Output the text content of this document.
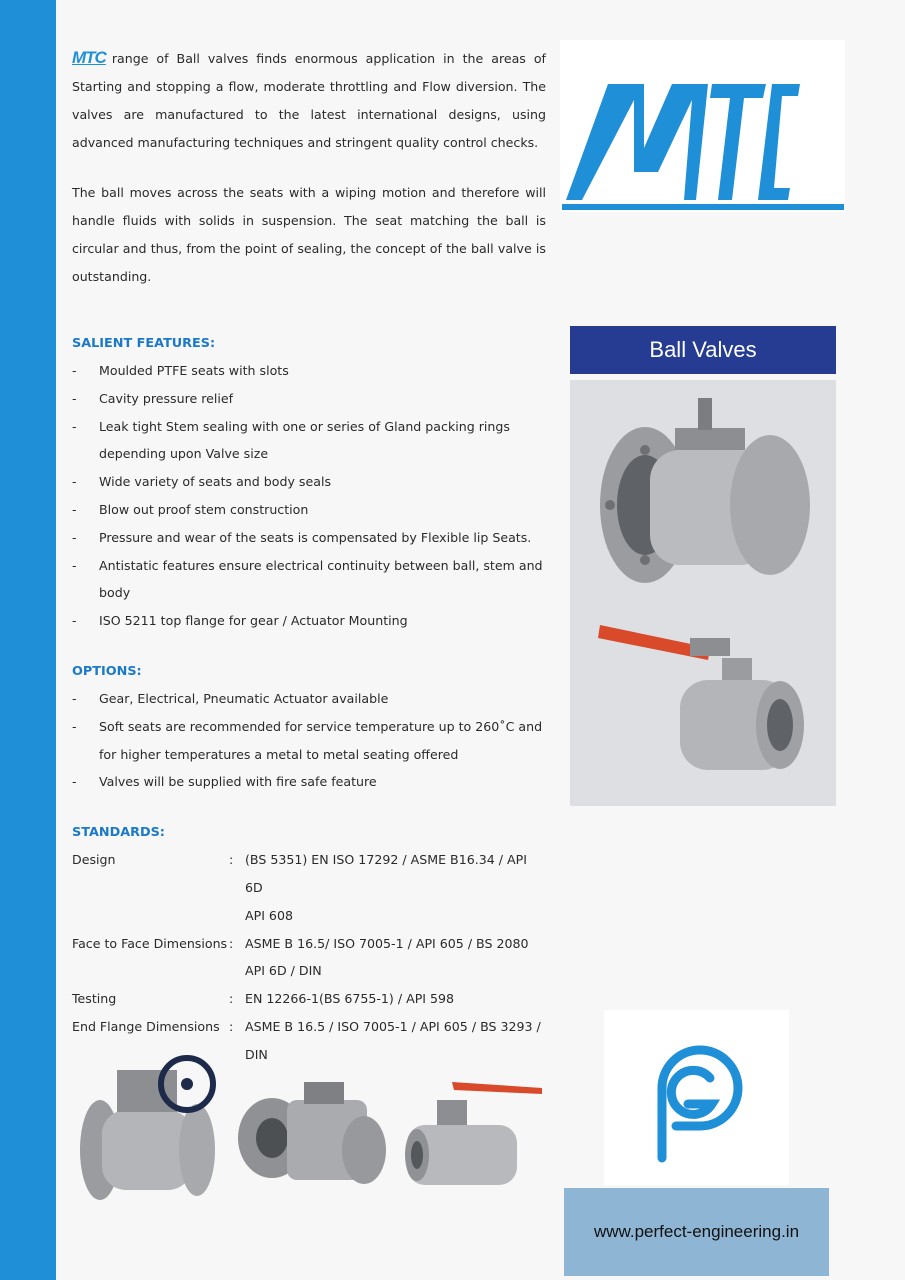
MTC range of Ball valves finds enormous application in the areas of Starting and stopping a flow, moderate throttling and Flow diversion. The valves are manufactured to the latest international designs, using advanced manufacturing techniques and stringent quality control checks.

The ball moves across the seats with a wiping motion and therefore will handle fluids with solids in suspension. The seat matching the ball is circular and thus, from the point of sealing, the concept of the ball valve is outstanding.

SALIENT FEATURES:

- Moulded PTFE seats with slots
- Cavity pressure relief
- Leak tight Stem sealing with one or series of Gland packing rings depending upon Valve size
- Wide variety of seats and body seals
- Blow out proof stem construction
- Pressure and wear of the seats is compensated by Flexible lip Seats.
- Antistatic features ensure electrical continuity between ball, stem and body
- ISO 5211 top flange for gear / Actuator Mounting

OPTIONS:

- Gear, Electrical, Pneumatic Actuator available
- Soft seats are recommended for service temperature up to 260˚C and for higher temperatures a metal to metal seating offered
- Valves will be supplied with fire safe feature

STANDARDS:

Design	: (BS 5351) EN ISO 17292 / ASME B16.34 / API 6D
API 608
Face to Face Dimensions : ASME B 16.5/ ISO 7005-1 / API 605 / BS 2080
API 6D / DIN
Testing	: EN 12266-1(BS 6755-1) / API 598
End Flange Dimensions : ASME B 16.5 / ISO 7005-1 / API 605 / BS 3293 / DIN
Ball Valves
www.perfect-engineering.in
